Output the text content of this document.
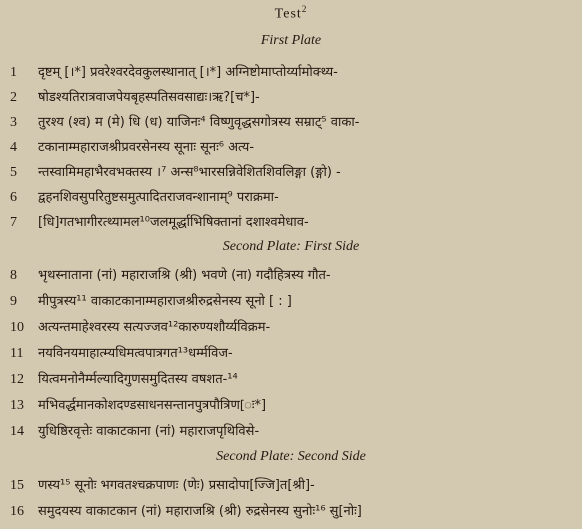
Test$^2$
First Plate
1	दृष्टम् [।*] प्रवरेश्वरदेवकुलस्थानात् [।*] अग्निष्टोमाप्तोर्य्यामोक्थ्य-
2	षोडश्यतिरात्रवाजपेयबृहस्पतिसवसाद्यः।ऋ?[च*]-
3	तुरश्य (श्व) म (मे) धि (ध) याजिनः⁴ विष्णुवृद्धसगोत्रस्य सम्राट्⁵ वाका-
4	टकानाम्महाराजश्रीप्रवरसेनस्य सूनाः सूनः⁶ अत्य-
5	न्तस्वामिमहाभैरवभक्तस्य ।⁷ अन्स⁸भारसन्निवेशितशिवलिङ्गा (ङ्गो) -
6	द्वहनशिवसुपरितुष्टसमुत्पादितराजवन्शानाम्⁹ पराक्रमा-
7	[धि]गतभागीरत्थ्यामल¹⁰जलमूर्द्धाभिषिक्तानां दशाश्वमेधाव-
Second Plate: First Side
8	भृथस्नाताना (नां) महाराजश्रि (श्री) भवणे (ना) गदौहित्रस्य गौत-
9	मीपुत्रस्य¹¹ वाकाटकानाम्महाराजश्रीरुद्रसेनस्य सूनो [ : ]
10	अत्यन्तमाहेश्वरस्य सत्यज्जव¹²कारुण्यशौर्य्यविक्रम-
11	नयविनयमाहात्म्यधिमत्वपात्रगत¹³धर्म्मविज-
12	यित्वमनोनैर्म्मल्यादिगुणसमुदितस्य वषशत-¹⁴
13	मभिवर्द्धमानकोशदण्डसाधनसन्तानपुत्रपौत्रिण[ः*]
14	युधिष्ठिरवृत्तेः वाकाटकाना (नां) महाराजपृथिविसे-
Second Plate: Second Side
15	णस्य¹⁵ सूनोः भगवतश्चक्रपाणः (णेः) प्रसादोपा[ज्जि]त[श्री]-
16	समुदयस्य वाकाटकान (नां) महाराजश्रि (श्री) रुद्रसेनस्य सुनोः¹⁶ सु[नोः]
